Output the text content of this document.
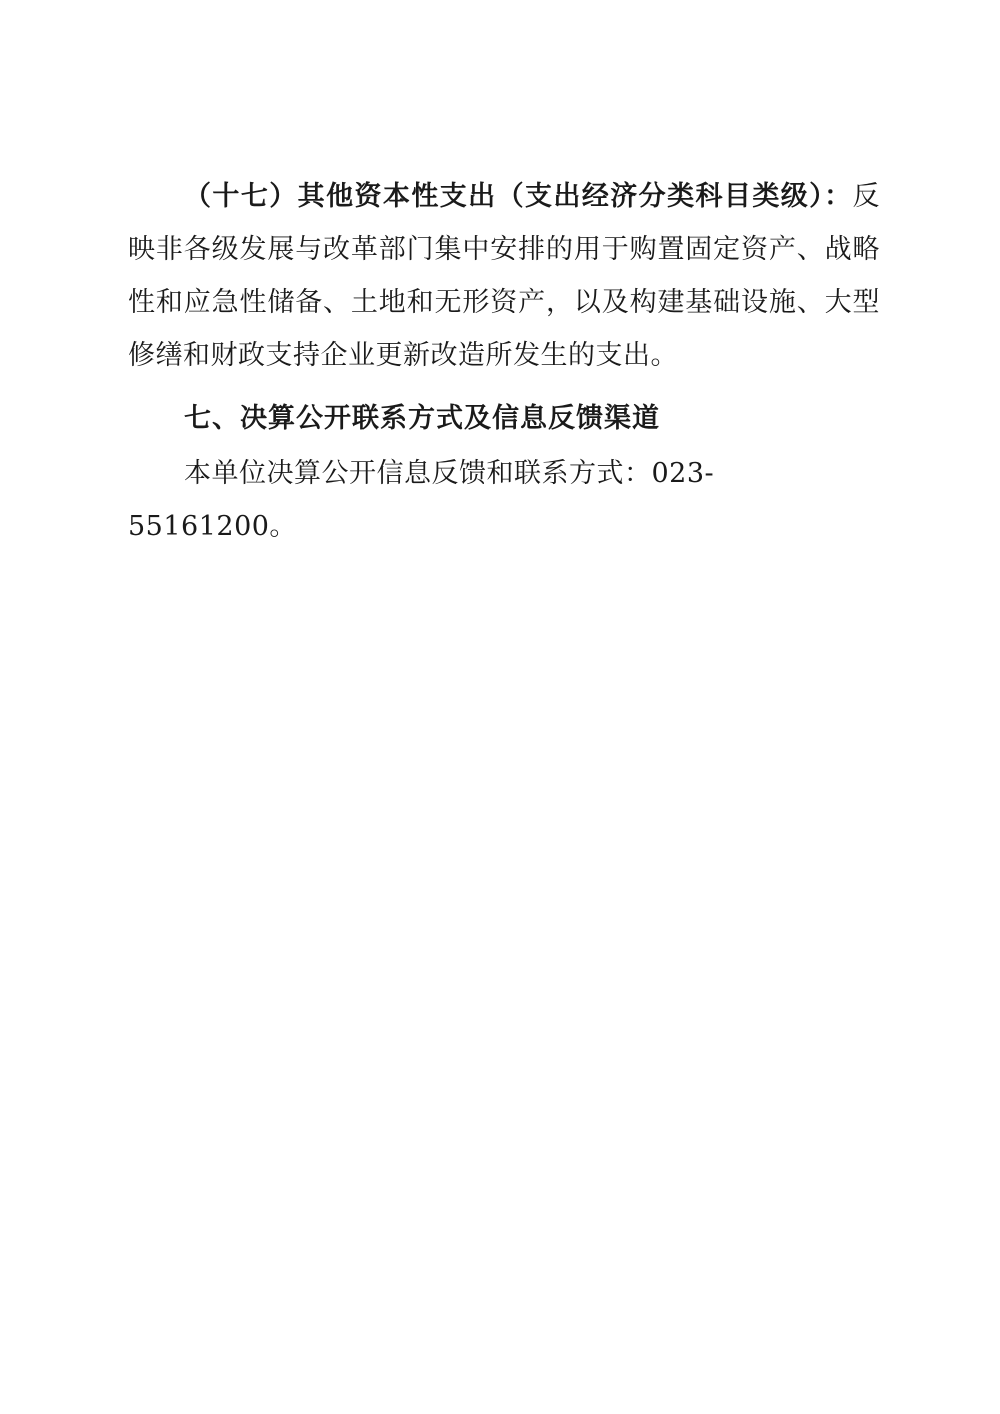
（十七）其他资本性支出（支出经济分类科目类级）：反映非各级发展与改革部门集中安排的用于购置固定资产、战略性和应急性储备、土地和无形资产，以及构建基础设施、大型修缮和财政支持企业更新改造所发生的支出。

七、决算公开联系方式及信息反馈渠道

本单位决算公开信息反馈和联系方式：023-55161200。
